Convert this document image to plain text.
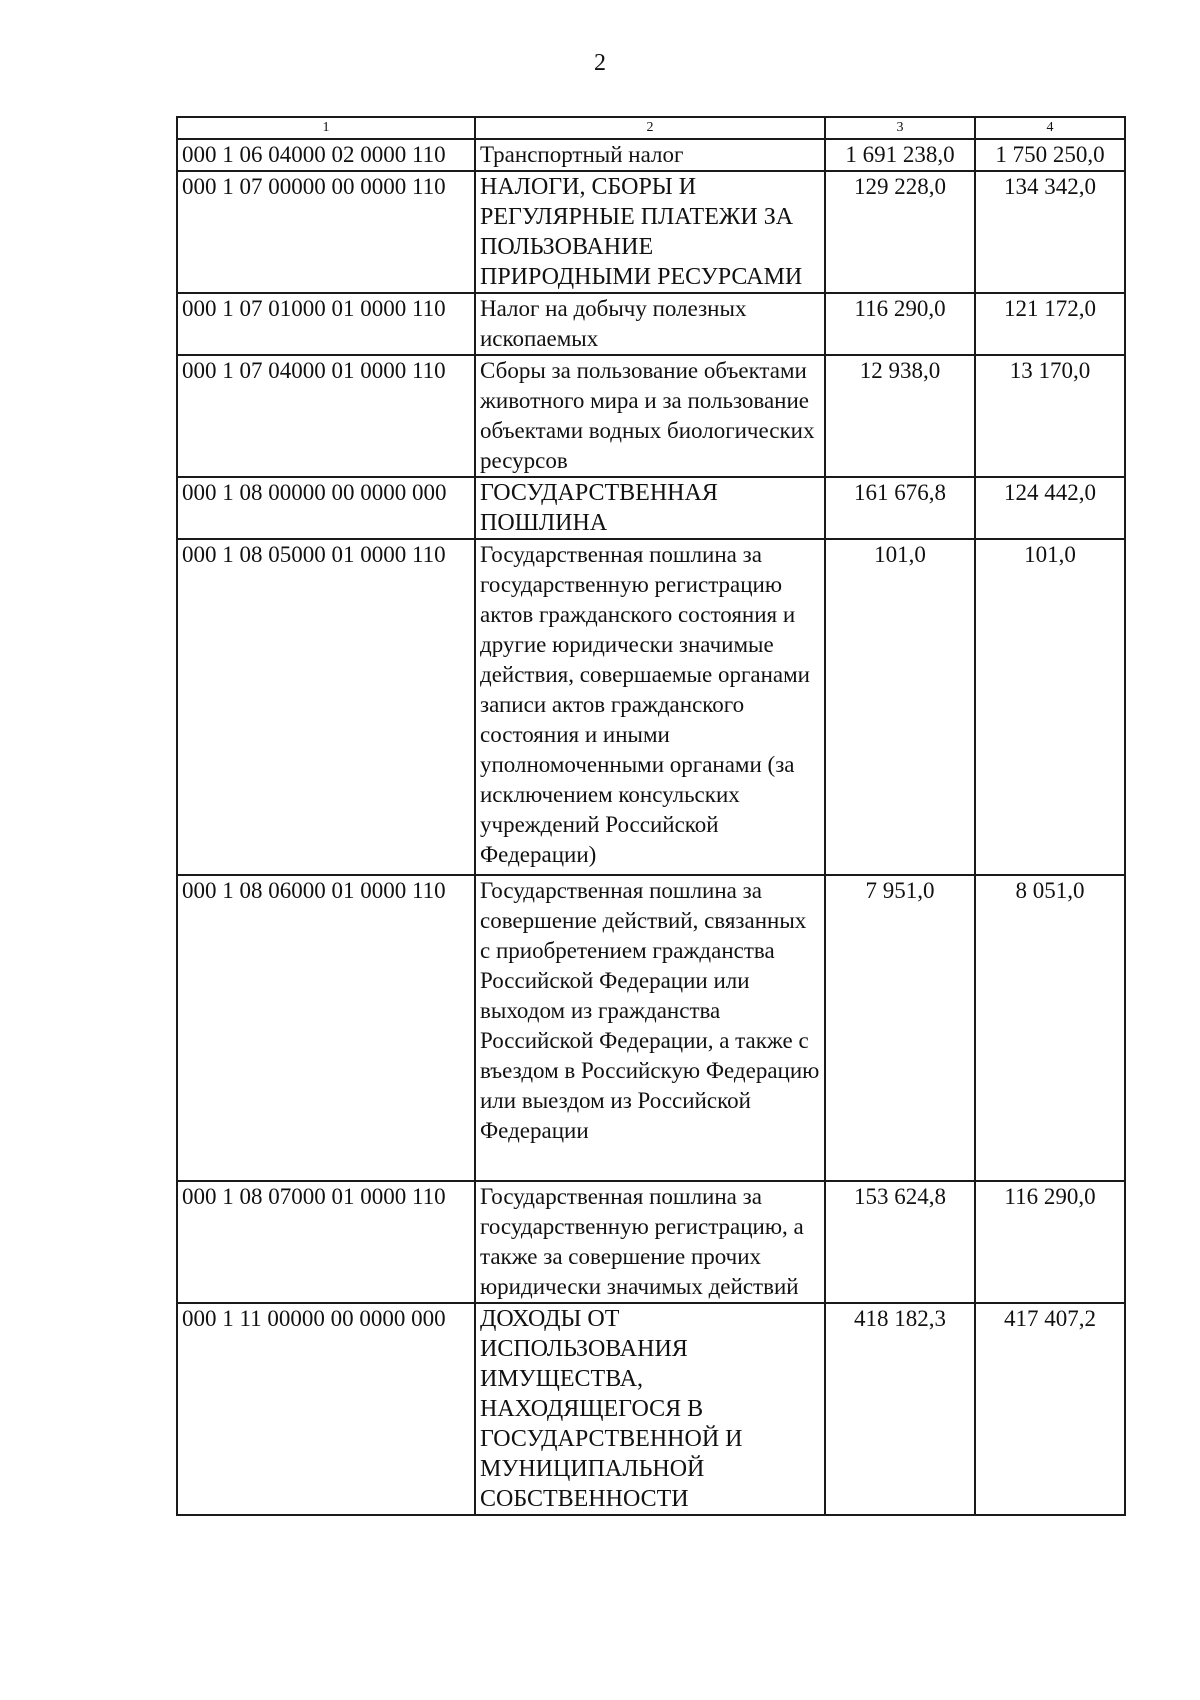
2
1	2	3	4
000 1 06 04000 02 0000 110	Транспортный налог	1 691 238,0	1 750 250,0
000 1 07 00000 00 0000 110	НАЛОГИ, СБОРЫ И РЕГУЛЯРНЫЕ ПЛАТЕЖИ ЗА ПОЛЬЗОВАНИЕ ПРИРОДНЫМИ РЕСУРСАМИ	129 228,0	134 342,0
000 1 07 01000 01 0000 110	Налог на добычу полезных ископаемых	116 290,0	121 172,0
000 1 07 04000 01 0000 110	Сборы за пользование объектами животного мира и за пользование объектами водных биологических ресурсов	12 938,0	13 170,0
000 1 08 00000 00 0000 000	ГОСУДАРСТВЕННАЯ ПОШЛИНА	161 676,8	124 442,0
000 1 08 05000 01 0000 110	Государственная пошлина за государственную регистрацию актов гражданского состояния и другие юридически значимые действия, совершаемые органами записи актов гражданского состояния и иными уполномоченными органами (за исключением консульских учреждений Российской Федерации)	101,0	101,0
000 1 08 06000 01 0000 110	Государственная пошлина за совершение действий, связанных с приобретением гражданства Российской Федерации или выходом из гражданства Российской Федерации, а также с въездом в Российскую Федерацию или выездом из Российской Федерации	7 951,0	8 051,0
000 1 08 07000 01 0000 110	Государственная пошлина за государственную регистрацию, а также за совершение прочих юридически значимых действий	153 624,8	116 290,0
000 1 11 00000 00 0000 000	ДОХОДЫ ОТ ИСПОЛЬЗОВАНИЯ ИМУЩЕСТВА, НАХОДЯЩЕГОСЯ В ГОСУДАРСТВЕННОЙ И МУНИЦИПАЛЬНОЙ СОБСТВЕННОСТИ	418 182,3	417 407,2
